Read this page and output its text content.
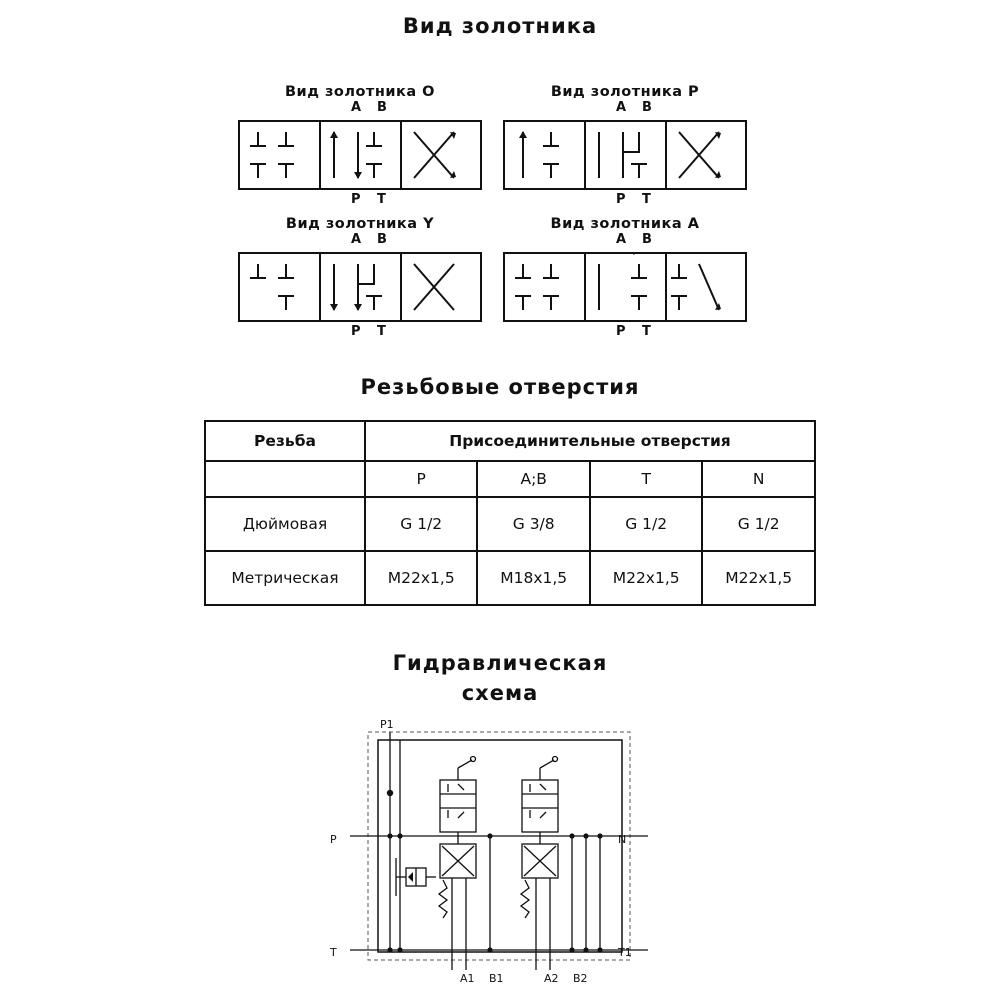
Вид золотника
Вид золотника O
A B
P T
Вид золотника P
A B
P T
Вид золотника Y
A B
P T
Вид золотника A
A B
P T
Резьбовые отверстия
Резьба	Присоединительные отверстия			
	P	A;B	T	N
Дюймовая	G 1/2	G 3/8	G 1/2	G 1/2
Метрическая	M22x1,5	M18x1,5	M22x1,5	M22x1,5
Гидравлическая
схема
P1
P	N
T	T1
A1 B1	A2 B2
